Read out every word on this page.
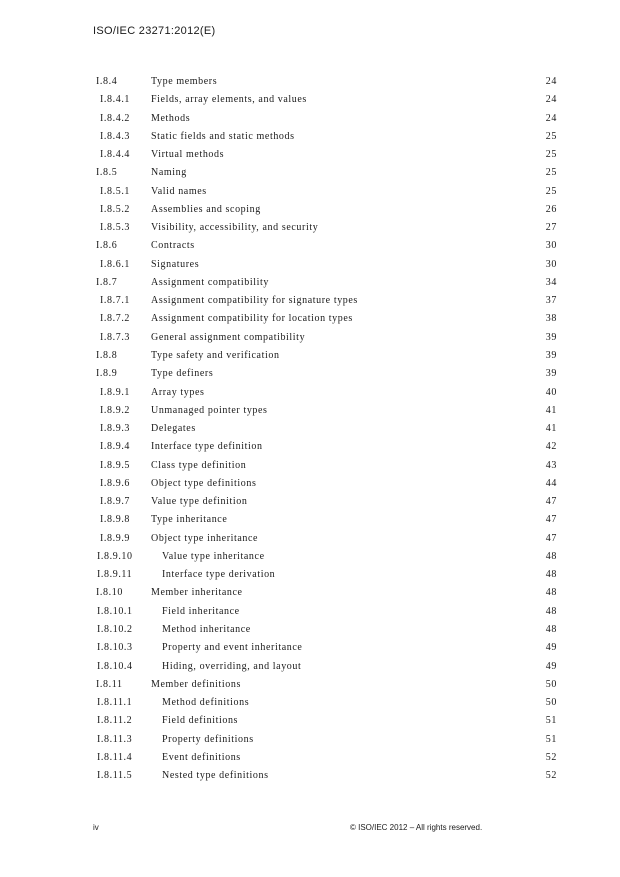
ISO/IEC 23271:2012(E)
I.8.4	Type members	24
I.8.4.1 Fields, array elements, and values	24
I.8.4.2 Methods	24
I.8.4.3 Static fields and static methods	25
I.8.4.4 Virtual methods	25
I.8.5	Naming	25
I.8.5.1 Valid names	25
I.8.5.2 Assemblies and scoping	26
I.8.5.3 Visibility, accessibility, and security	27
I.8.6	Contracts	30
I.8.6.1 Signatures	30
I.8.7	Assignment compatibility	34
I.8.7.1 Assignment compatibility for signature types	37
I.8.7.2 Assignment compatibility for location types	38
I.8.7.3 General assignment compatibility	39
I.8.8	Type safety and verification	39
I.8.9	Type definers	39
I.8.9.1 Array types	40
I.8.9.2 Unmanaged pointer types	41
I.8.9.3 Delegates	41
I.8.9.4 Interface type definition	42
I.8.9.5 Class type definition	43
I.8.9.6 Object type definitions	44
I.8.9.7 Value type definition	47
I.8.9.8 Type inheritance	47
I.8.9.9 Object type inheritance	47
I.8.9.10	Value type inheritance	48
I.8.9.11	Interface type derivation	48
I.8.10	Member inheritance	48
I.8.10.1	Field inheritance	48
I.8.10.2	Method inheritance	48
I.8.10.3	Property and event inheritance	49
I.8.10.4	Hiding, overriding, and layout	49
I.8.11	Member definitions	50
I.8.11.1	Method definitions	50
I.8.11.2	Field definitions	51
I.8.11.3	Property definitions	51
I.8.11.4	Event definitions	52
I.8.11.5	Nested type definitions	52
iv	© ISO/IEC 2012 – All rights reserved.
